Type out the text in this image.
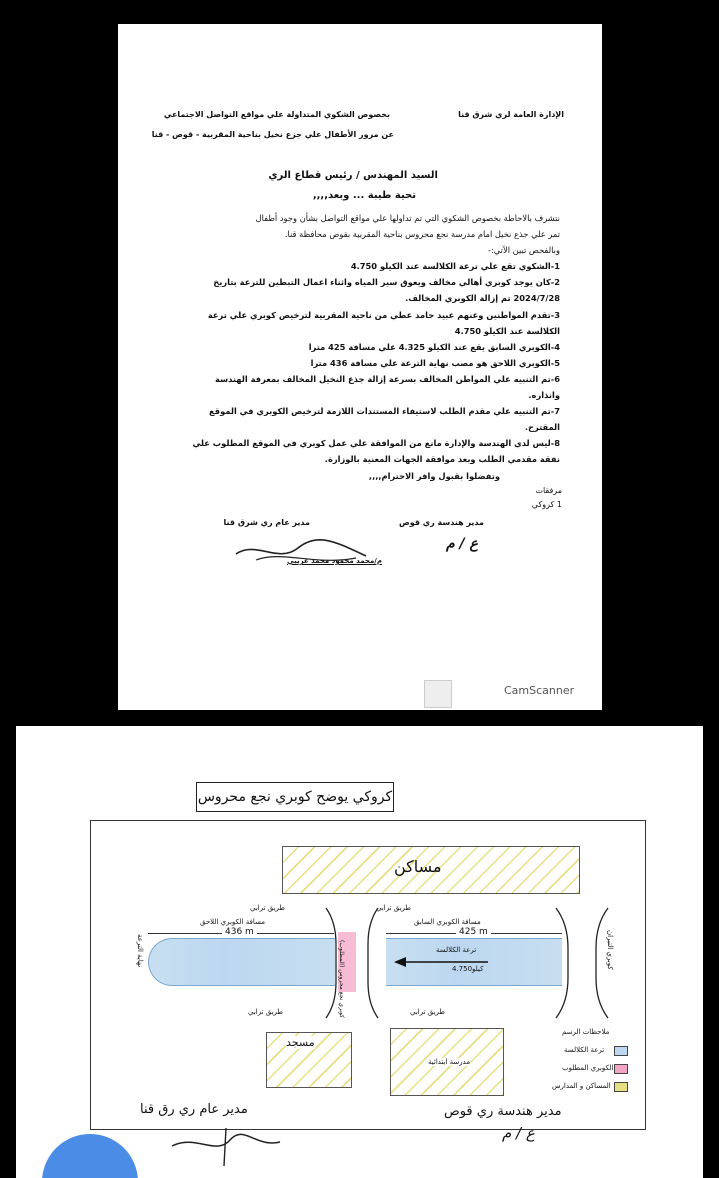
الإدارة العامة لري شرق قنا
بخصوص الشكوي المتداولة علي مواقع التواصل الاجتماعي
عن مرور الأطفال علي جزع نخيل بناحية المقربية - قوص - قنا
السيد المهندس / رئيس قطاع الري
تحية طيبة ... وبعد,,,,
نتشرف بالاحاطة بخصوص الشكوي التي تم تداولها علي مواقع التواصل بشأن وجود أطفال
تمر علي جذع نخيل امام مدرسة نجع محروس بناحية المقربية بقوص محافظة قنا.
وبالفحص تبين الآتي:-
1-الشكوي تقع علي ترعة الكلالسة عند الكيلو 4.750
2-كان يوجد كوبري أهالي مخالف ويعوق سير المياه واثناء اعمال التبطين للترعة بتاريخ
2024/7/28 تم إزالة الكوبري المخالف.
3-تقدم المواطنين وعنهم عبيد حامد عطي من ناحية المقربية لترخيص كوبري علي ترعة
الكلالسة عند الكيلو 4.750
4-الكوبري السابق يقع عند الكيلو 4.325 علي مسافة 425 مترا
5-الكوبري اللاحق هو مصب نهاية الترعة علي مسافة 436 مترا
6-تم التنبيه علي المواطن المخالف بسرعة إزالة جذع النخيل المخالف بمعرفة الهندسة
وانذاره.
7-تم التنبيه علي مقدم الطلب لاستيفاء المستندات اللازمة لترخيص الكوبري في الموقع
المقترح.
8-ليس لدي الهندسة والإدارة مانع من الموافقة علي عمل كوبري في الموقع المطلوب علي
نفقة مقدمي الطلب وبعد موافقة الجهات المعنية بالوزارة.
وتفضلوا بقبول وافر الاحترام,,,,
مرفقات
1 كروكي
مدير عام ري شرق قنا	مدير هندسة ري قوص
م/محمد محمود محمد عريبي
ع / م
CamScanner
كروكي يوضح كوبري نجع محروس
مساكن
طريق ترابي	طريق ترابي
طريق ترابي	طريق ترابي
مسافة الكوبري اللاحق	مسافة الكوبري السابق
436 m	425 m
كوبري نجع محروس (المطلوب)	كوبري التيران
نهاية الترعة	ترعة الكلالسة
كيلو4.750
مسجد
مدرسة ابتدائية
ملاحظات الرسم
ترعة الكلالسة
الكوبري المطلوب
المساكن و المدارس
مدير عام ري رق قنا	مدير هندسة ري قوص
ع / م
